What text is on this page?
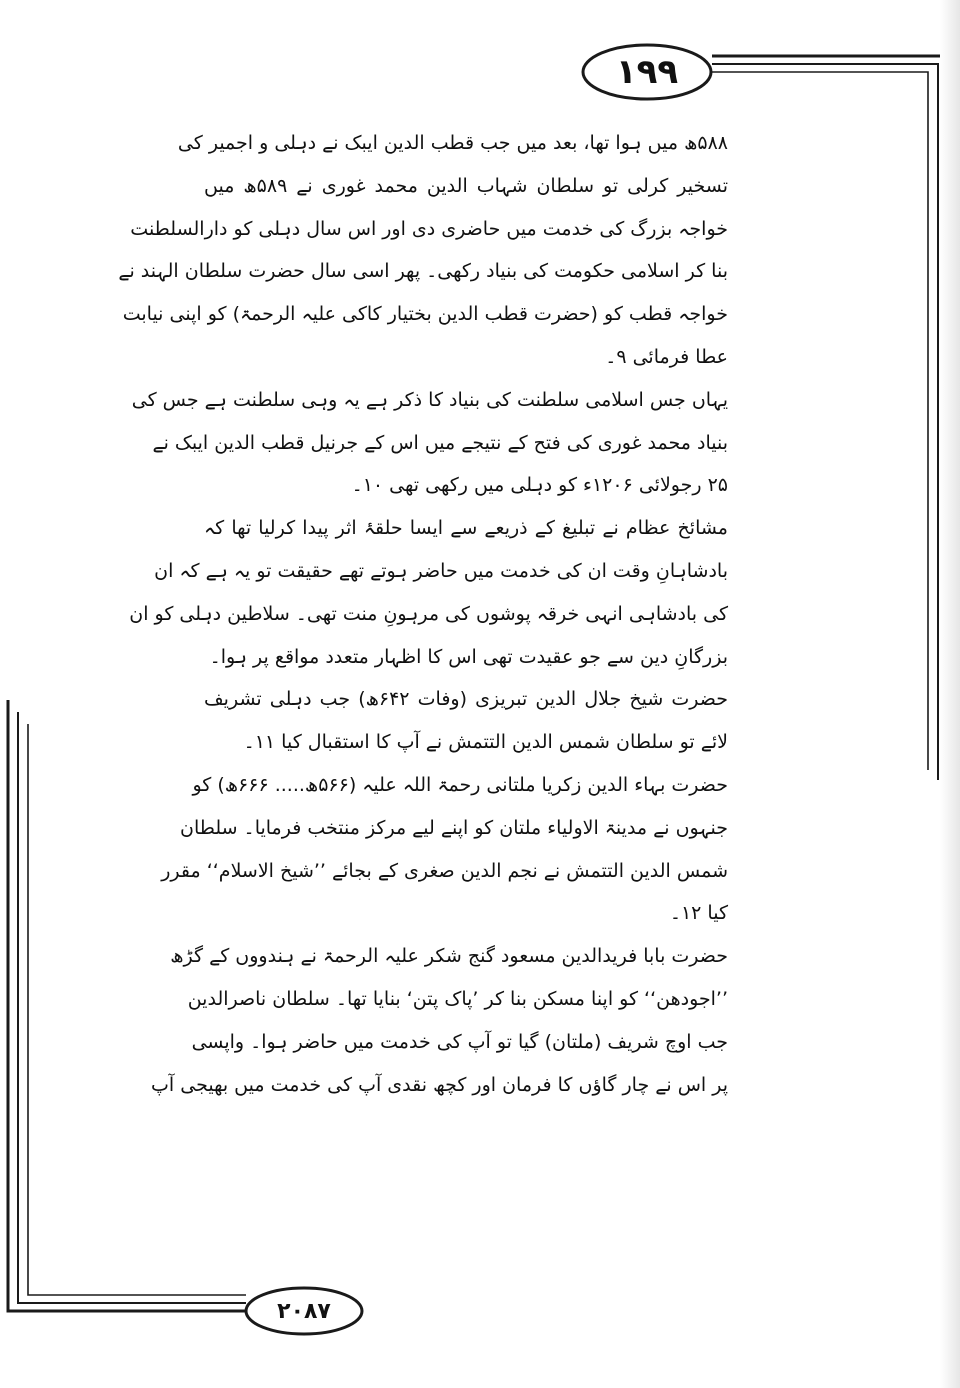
١٩٩
۵۸۸ھ میں ہوا تھا، بعد میں جب قطب الدین ایبک نے دہلی و اجمیر کی
تسخیر کرلی تو سلطان شہاب الدین محمد غوری نے ۵۸۹ھ میں
خواجہ بزرگ کی خدمت میں حاضری دی اور اس سال دہلی کو دارالسلطنت
بنا کر اسلامی حکومت کی بنیاد رکھی۔ پھر اسی سال حضرت سلطان الہند نے
خواجہ قطب کو (حضرت قطب الدین بختیار کاکی علیہ الرحمۃ) کو اپنی نیابت
عطا فرمائی ۹۔
یہاں جس اسلامی سلطنت کی بنیاد کا ذکر ہے یہ وہی سلطنت ہے جس کی
بنیاد محمد غوری کی فتح کے نتیجے میں اس کے جرنیل قطب الدین ایبک نے
۲۵ رجولائی ۱۲۰۶ء کو دہلی میں رکھی تھی ۱۰۔
مشائخ عظام نے تبلیغ کے ذریعے سے ایسا حلقۂ اثر پیدا کرلیا تھا کہ
بادشاہانِ وقت ان کی خدمت میں حاضر ہوتے تھے حقیقت تو یہ ہے کہ ان
کی بادشاہی انہی خرقہ پوشوں کی مرہونِ منت تھی۔ سلاطین دہلی کو ان
بزرگانِ دین سے جو عقیدت تھی اس کا اظہار متعدد مواقع پر ہوا۔
حضرت شیخ جلال الدین تبریزی (وفات ۶۴۲ھ) جب دہلی تشریف
لائے تو سلطان شمس الدین التتمش نے آپ کا استقبال کیا ۱۱۔
حضرت بہاء الدین زکریا ملتانی رحمۃ اللہ علیہ (۵۶۶ھ..... ۶۶۶ھ) کو
جنہوں نے مدینۃ الاولیاء ملتان کو اپنے لیے مرکز منتخب فرمایا۔ سلطان
شمس الدین التتمش نے نجم الدین صغری کے بجائے ’’شیخ الاسلام‘‘ مقرر
کیا ۱۲۔
حضرت بابا فریدالدین مسعود گنج شکر علیہ الرحمۃ نے ہندووں کے گڑھ
’’اجودھن‘‘ کو اپنا مسکن بنا کر ’پاک پتن‘ بنایا تھا۔ سلطان ناصرالدین
جب اوچ شریف (ملتان) گیا تو آپ کی خدمت میں حاضر ہوا۔ واپسی
پر اس نے چار گاؤں کا فرمان اور کچھ نقدی آپ کی خدمت میں بھیجی آپ
٢٠٨٧
